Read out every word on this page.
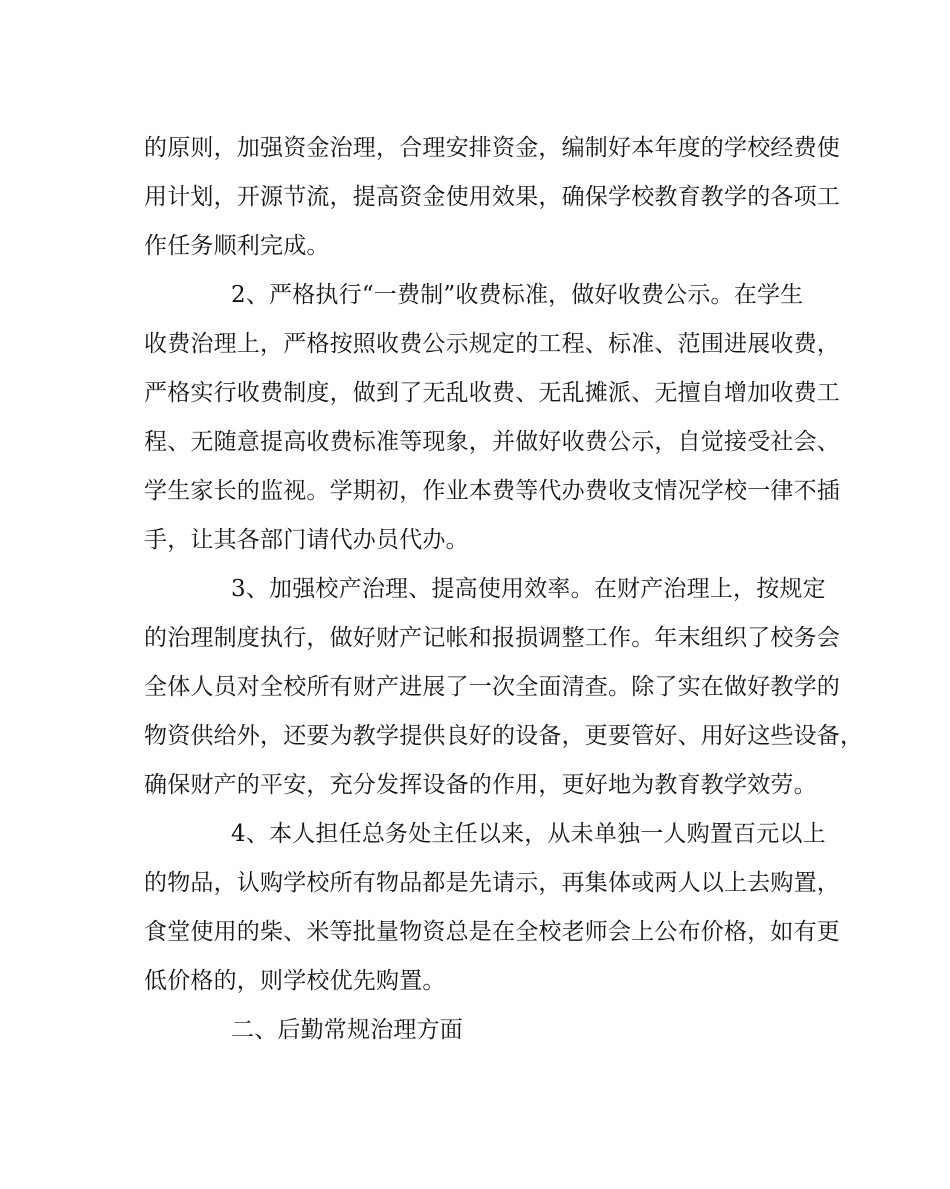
的原则，加强资金治理，合理安排资金，编制好本年度的学校经费使

用计划，开源节流，提高资金使用效果，确保学校教育教学的各项工

作任务顺利完成。

2、严格执行“一费制”收费标准，做好收费公示。在学生

收费治理上，严格按照收费公示规定的工程、标准、范围进展收费，

严格实行收费制度，做到了无乱收费、无乱摊派、无擅自增加收费工

程、无随意提高收费标准等现象，并做好收费公示，自觉接受社会、

学生家长的监视。学期初，作业本费等代办费收支情况学校一律不插

手，让其各部门请代办员代办。

3、加强校产治理、提高使用效率。在财产治理上，按规定

的治理制度执行，做好财产记帐和报损调整工作。年末组织了校务会

全体人员对全校所有财产进展了一次全面清查。除了实在做好教学的

物资供给外，还要为教学提供良好的设备，更要管好、用好这些设备，

确保财产的平安，充分发挥设备的作用，更好地为教育教学效劳。

4、本人担任总务处主任以来，从未单独一人购置百元以上

的物品，认购学校所有物品都是先请示，再集体或两人以上去购置，

食堂使用的柴、米等批量物资总是在全校老师会上公布价格，如有更

低价格的，则学校优先购置。

二、后勤常规治理方面
